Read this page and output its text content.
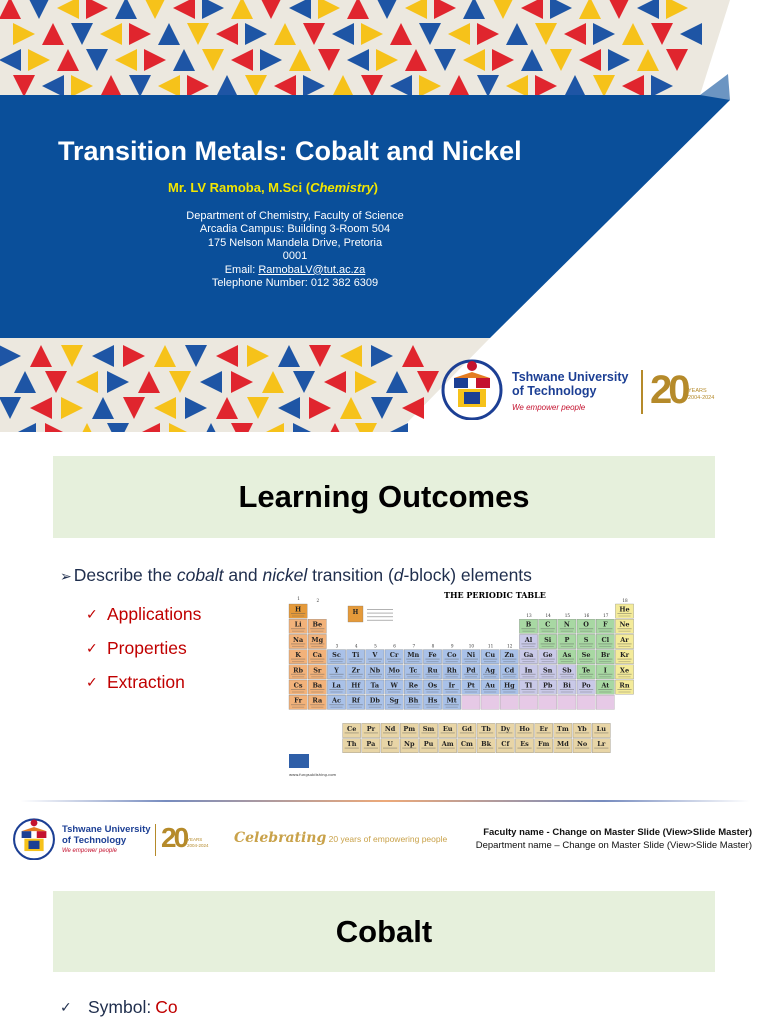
Transition Metals: Cobalt and Nickel
Mr. LV Ramoba, M.Sci (Chemistry)
Department of Chemistry, Faculty of Science
Arcadia Campus: Building 3-Room 504
175 Nelson Mandela Drive, Pretoria
0001
Email: RamobaLV@tut.ac.za
Telephone Number: 012 382 6309
Tshwane University
of Technology
We empower people 20 YEARS
2004-2024
Learning Outcomes
➢ Describe the cobalt and nickel transition (d-block) elements
✓ Applications
✓ Properties
✓ Extraction
THE PERIODIC TABLE
H	He
Li Be	B C N O F Ne
Na Mg	Al Si P S Cl Ar
K Ca Sc Ti V Cr Mn Fe Co Ni Cu Zn Ga Ge As Se Br Kr
Rb Sr Y Zr Nb Mo Tc Ru Rh Pd Ag Cd In Sn Sb Te I Xe
Cs Ba La Hf Ta W Re Os Ir Pt Au Hg Tl Pb Bi Po At Rn
Fr Ra Ac Rf Db Sg Bh Hs Mt
1	2
3	4	5	6	7	8	9	10	11	12
13	14	15	16	17
18
H
Ce Pr Nd Pm Sm Eu Gd Tb Dy Ho Er Tm Yb Lu
Th Pa U Np Pu Am Cm Bk Cf Es Fm Md No Lr
www.fungsublishing.com
Tshwane University
of Technology
We empower people 20 YEARS
2004-2024 Celebrating 20 years of empowering people
Faculty name - Change on Master Slide (View>Slide Master)
Department name – Change on Master Slide (View>Slide Master)
Cobalt
✓ Symbol: Co
